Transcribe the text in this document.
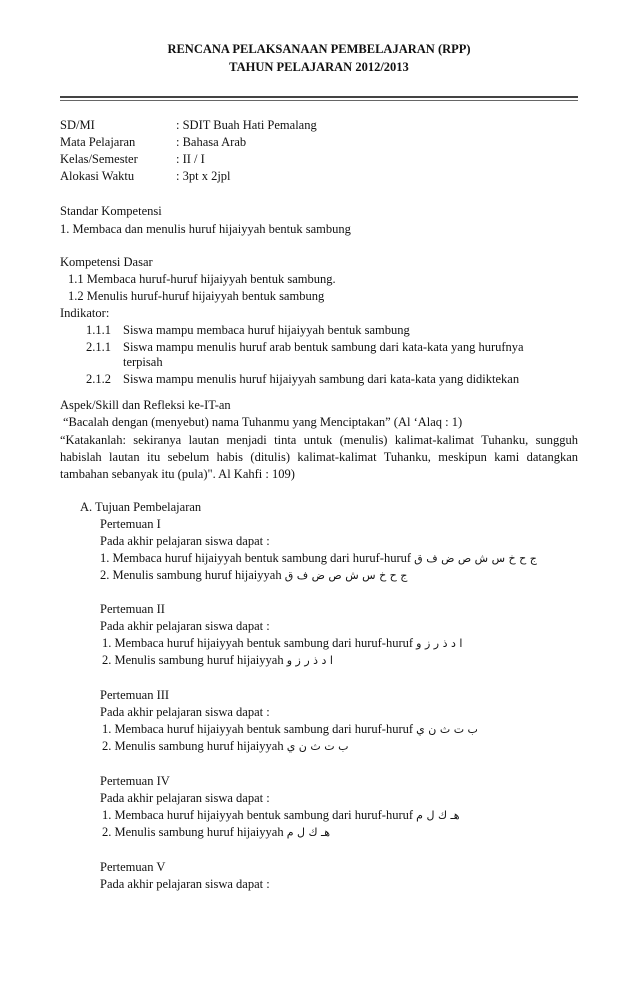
RENCANA PELAKSANAAN PEMBELAJARAN (RPP)
TAHUN PELAJARAN 2012/2013
SD/MI	: SDIT Buah Hati Pemalang
Mata Pelajaran	: Bahasa Arab
Kelas/Semester	: II / I
Alokasi Waktu	: 3pt x 2jpl
Standar Kompetensi
1. Membaca dan menulis huruf hijaiyyah bentuk sambung
Kompetensi Dasar
1.1 Membaca huruf-huruf hijaiyyah bentuk sambung.
1.2 Menulis huruf-huruf hijaiyyah bentuk sambung
Indikator:
1.1.1 Siswa mampu membaca huruf hijaiyyah bentuk sambung
2.1.1 Siswa mampu menulis huruf arab bentuk sambung dari kata-kata yang hurufnya
terpisah
2.1.2 Siswa mampu menulis huruf hijaiyyah sambung dari kata-kata yang didiktekan
Aspek/Skill dan Refleksi ke-IT-an
“Bacalah dengan (menyebut) nama Tuhanmu yang Menciptakan” (Al ‘Alaq : 1)
“Katakanlah: sekiranya lautan menjadi tinta untuk (menulis) kalimat-kalimat Tuhanku, sungguh
habislah lautan itu sebelum habis (ditulis) kalimat-kalimat Tuhanku, meskipun kami datangkan
tambahan sebanyak itu (pula)". Al Kahfi : 109)
A. Tujuan Pembelajaran
Pertemuan I
Pada akhir pelajaran siswa dapat :
1. Membaca huruf hijaiyyah bentuk sambung dari huruf-huruf ج ح خ س ش ص ض ف ق
2. Menulis sambung huruf hijaiyyah ج ح خ س ش ص ض ف ق
Pertemuan II
Pada akhir pelajaran siswa dapat :
1. Membaca huruf hijaiyyah bentuk sambung dari huruf-huruf ا د ذ ر ز و
2. Menulis sambung huruf hijaiyyah ا د ذ ر ز و
Pertemuan III
Pada akhir pelajaran siswa dapat :
1. Membaca huruf hijaiyyah bentuk sambung dari huruf-huruf ب ت ث ن ي
2. Menulis sambung huruf hijaiyyah ب ت ث ن ي
Pertemuan IV
Pada akhir pelajaran siswa dapat :
1. Membaca huruf hijaiyyah bentuk sambung dari huruf-huruf هـ ك ل م
2. Menulis sambung huruf hijaiyyah هـ ك ل م
Pertemuan V
Pada akhir pelajaran siswa dapat :
